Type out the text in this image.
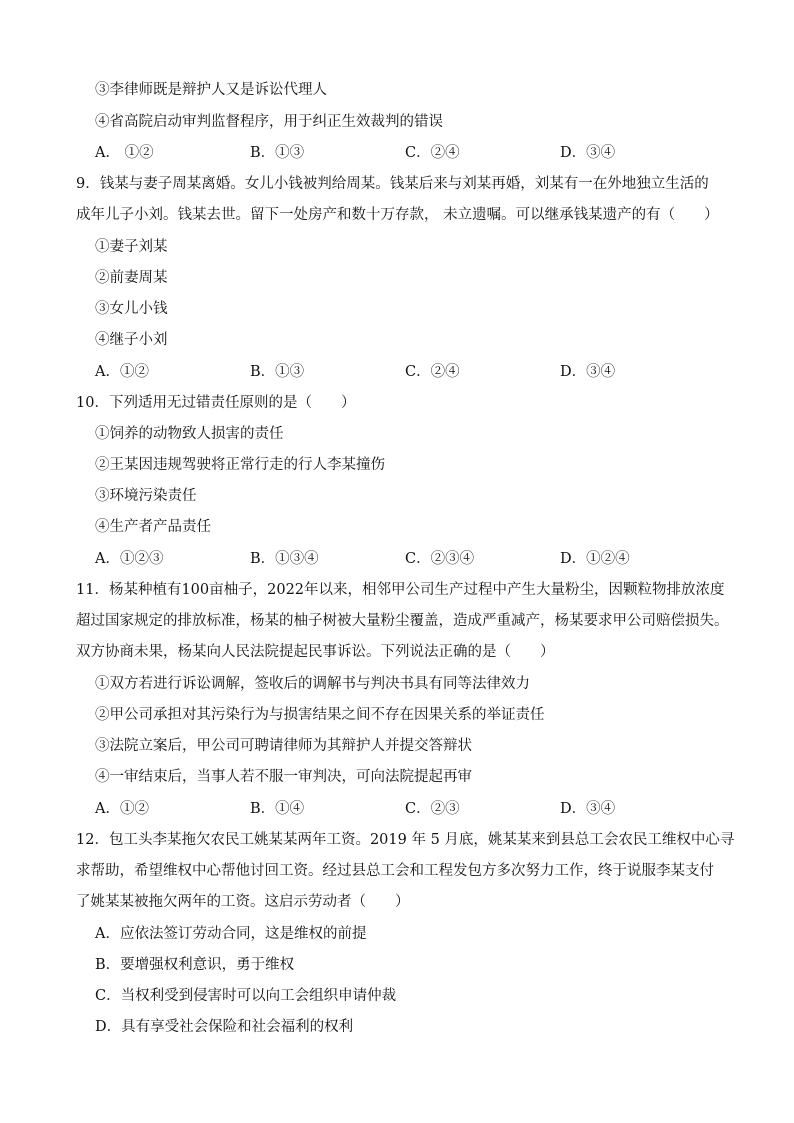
③李律师既是辩护人又是诉讼代理人
④省高院启动审判监督程序，用于纠正生效裁判的错误
A． ①②	B．①③	C．②④	D．③④
9．钱某与妻子周某离婚。女儿小钱被判给周某。钱某后来与刘某再婚，刘某有一在外地独立生活的
成年儿子小刘。钱某去世。留下一处房产和数十万存款， 未立遗嘱。可以继承钱某遗产的有（　　）
①妻子刘某
②前妻周某
③女儿小钱
④继子小刘
A．①②	B．①③	C．②④	D．③④
10．下列适用无过错责任原则的是（　　）
①饲养的动物致人损害的责任
②王某因违规驾驶将正常行走的行人李某撞伤
③环境污染责任
④生产者产品责任
A．①②③	B．①③④	C．②③④	D．①②④
11．杨某种植有100亩柚子，2022年以来，相邻甲公司生产过程中产生大量粉尘，因颗粒物排放浓度
超过国家规定的排放标准，杨某的柚子树被大量粉尘覆盖，造成严重减产，杨某要求甲公司赔偿损失。
双方协商未果，杨某向人民法院提起民事诉讼。下列说法正确的是（　　）
①双方若进行诉讼调解，签收后的调解书与判决书具有同等法律效力
②甲公司承担对其污染行为与损害结果之间不存在因果关系的举证责任
③法院立案后，甲公司可聘请律师为其辩护人并提交答辩状
④一审结束后，当事人若不服一审判决，可向法院提起再审
A．①②	B．①④	C．②③	D．③④
12．包工头李某拖欠农民工姚某某两年工资。2019 年 5 月底，姚某某来到县总工会农民工维权中心寻
求帮助，希望维权中心帮他讨回工资。经过县总工会和工程发包方多次努力工作，终于说服李某支付
了姚某某被拖欠两年的工资。这启示劳动者（　　）
A．应依法签订劳动合同，这是维权的前提
B．要增强权利意识，勇于维权
C．当权利受到侵害时可以向工会组织申请仲裁
D．具有享受社会保险和社会福利的权利
